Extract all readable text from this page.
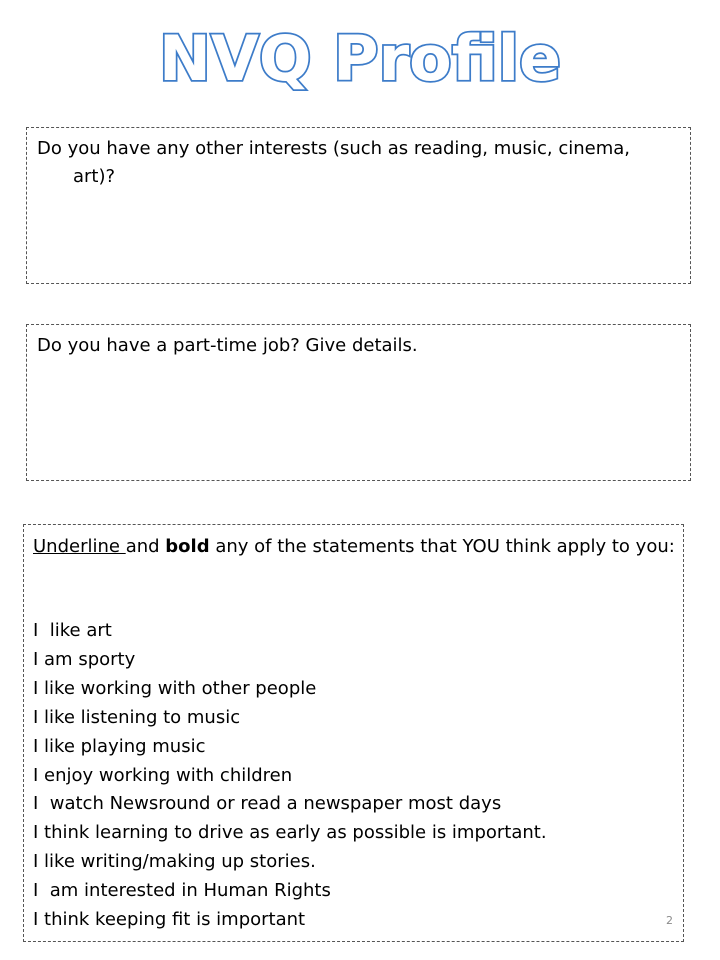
NVQ Profile
Do you have any other interests (such as reading, music, cinema, art)?
Do you have a part-time job? Give details.
Underline and bold any of the statements that YOU think apply to you:
I  like art
I am sporty
I like working with other people
I like listening to music
I like playing music
I enjoy working with children
I  watch Newsround or read a newspaper most days
I think learning to drive as early as possible is important.
I like writing/making up stories.
I  am interested in Human Rights
I think keeping fit is important	2
